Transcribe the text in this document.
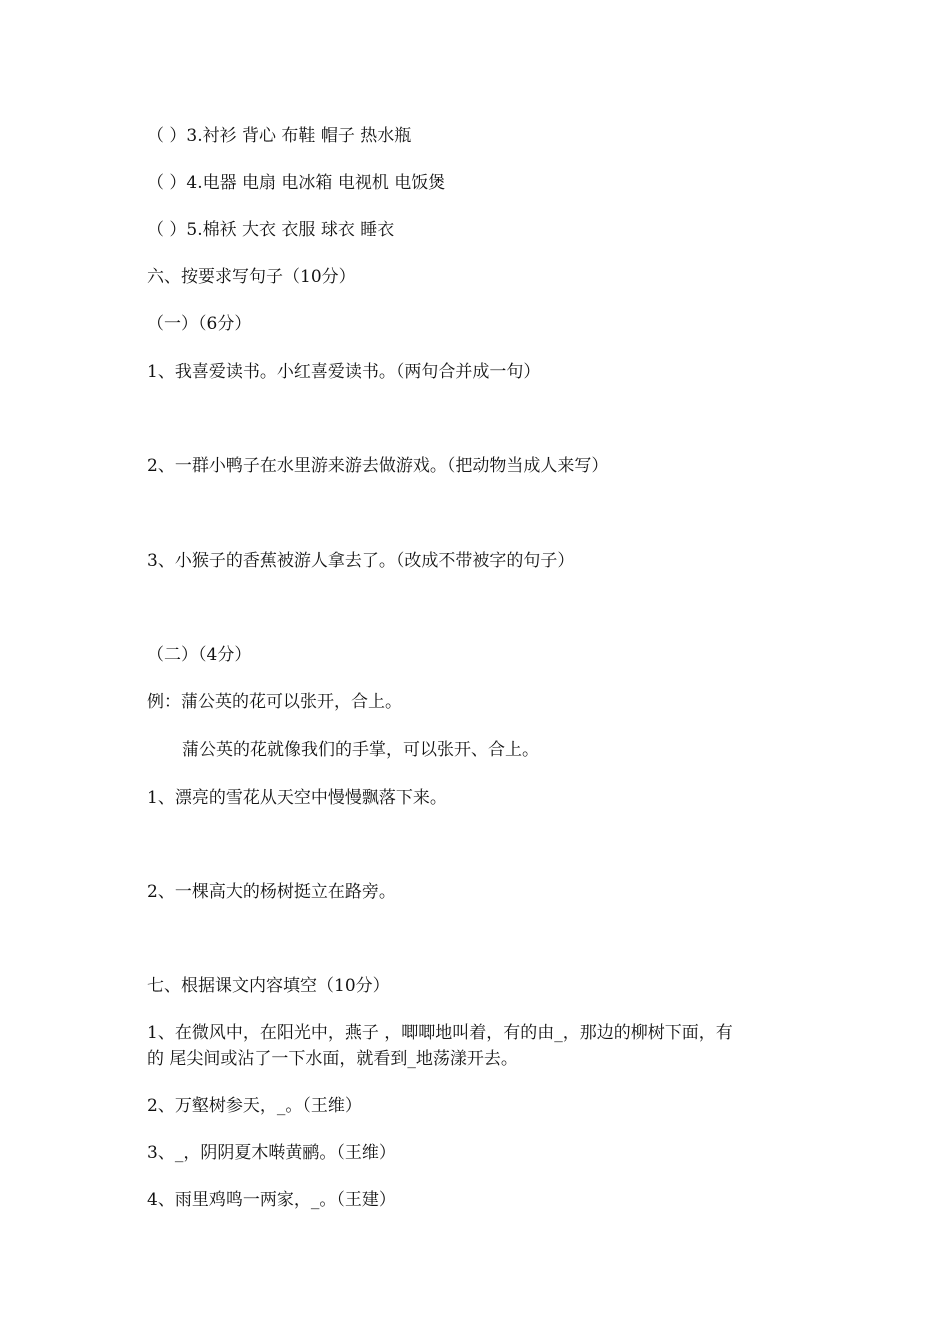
（ ）3.衬衫 背心 布鞋 帽子 热水瓶

（ ）4.电器 电扇 电冰箱 电视机 电饭煲

（ ）5.棉袄 大衣 衣服 球衣 睡衣

六、按要求写句子（10分）

（一）（6分）

1、我喜爱读书。小红喜爱读书。（两句合并成一句）

2、一群小鸭子在水里游来游去做游戏。（把动物当成人来写）

3、小猴子的香蕉被游人拿去了。（改成不带被字的句子）

（二）（4分）

例：蒲公英的花可以张开，合上。

蒲公英的花就像我们的手掌，可以张开、合上。

1、漂亮的雪花从天空中慢慢飘落下来。

2、一棵高大的杨树挺立在路旁。

七、根据课文内容填空（10分）

1、在微风中，在阳光中，燕子 ，唧唧地叫着，有的由_，那边的柳树下面，有

的 尾尖间或沾了一下水面，就看到_地荡漾开去。

2、万壑树参天，_。（王维）

3、_，阴阴夏木啭黄鹂。（王维）

4、雨里鸡鸣一两家，_。（王建）
